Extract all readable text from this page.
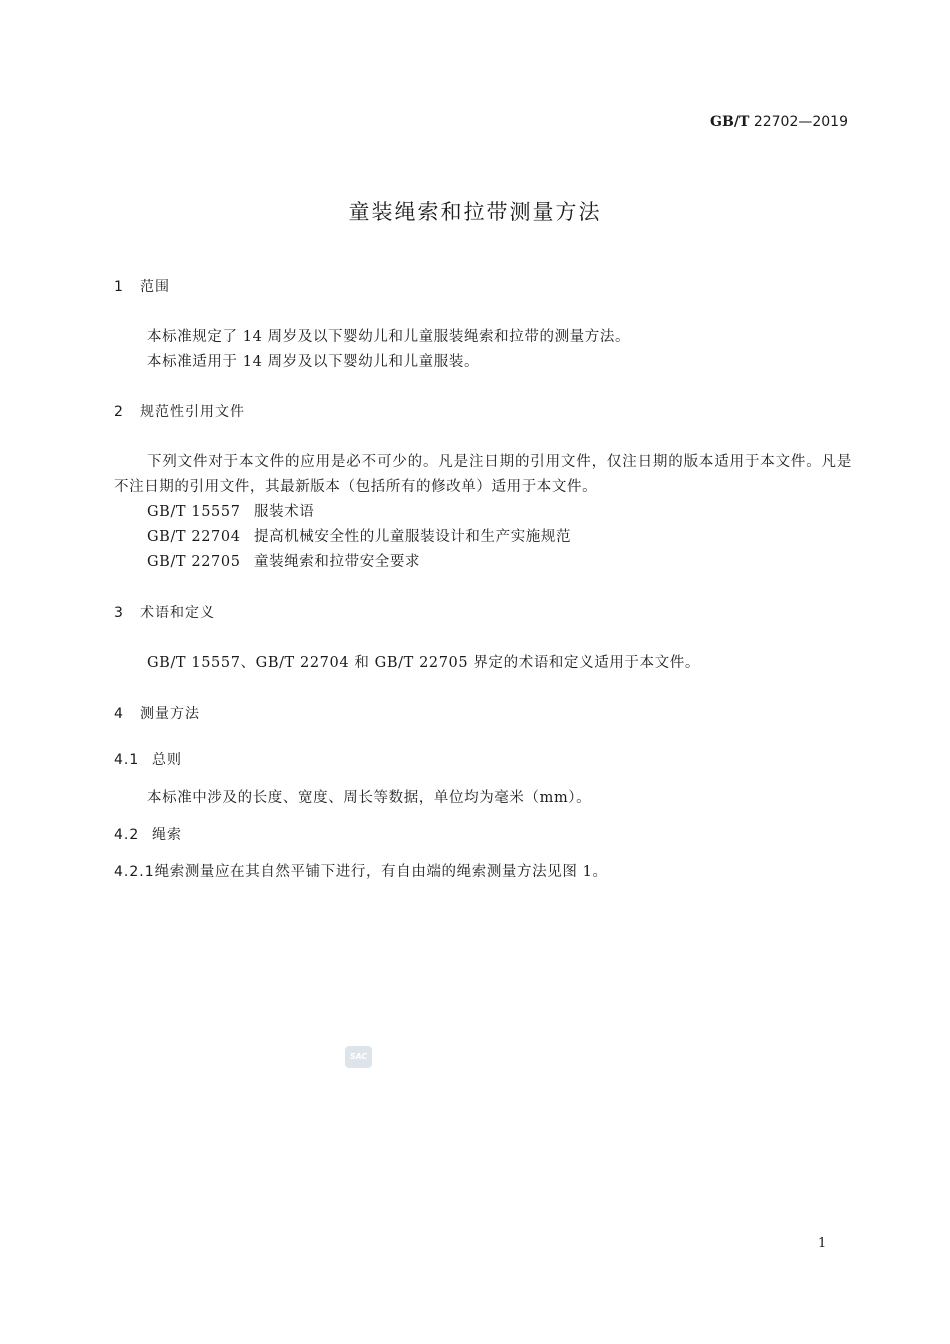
GB/T 22702—2019
童装绳索和拉带测量方法
1 范围
本标准规定了 14 周岁及以下婴幼儿和儿童服装绳索和拉带的测量方法。
本标准适用于 14 周岁及以下婴幼儿和儿童服装。
2 规范性引用文件
下列文件对于本文件的应用是必不可少的。凡是注日期的引用文件，仅注日期的版本适用于本文件。凡是不注日期的引用文件，其最新版本（包括所有的修改单）适用于本文件。
GB/T 15557 服装术语
GB/T 22704 提高机械安全性的儿童服装设计和生产实施规范
GB/T 22705 童装绳索和拉带安全要求
3 术语和定义
GB/T 15557、GB/T 22704 和 GB/T 22705 界定的术语和定义适用于本文件。
4 测量方法
4.1 总则
本标准中涉及的长度、宽度、周长等数据，单位均为毫米（mm）。
4.2 绳索
4.2.1绳索测量应在其自然平铺下进行，有自由端的绳索测量方法见图 1。
SAC
1
